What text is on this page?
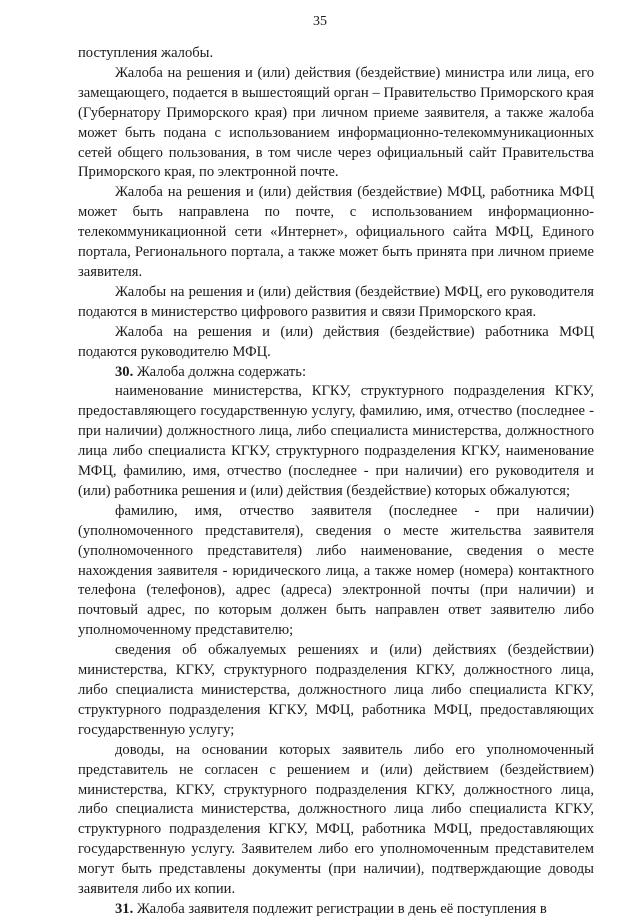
35

поступления жалобы.

Жалоба на решения и (или) действия (бездействие) министра или лица, его замещающего, подается в вышестоящий орган – Правительство Приморского края (Губернатору Приморского края) при личном приеме заявителя, а также жалоба может быть подана с использованием информационно-телекоммуникационных сетей общего пользования, в том числе через официальный сайт Правительства Приморского края, по электронной почте.

Жалоба на решения и (или) действия (бездействие) МФЦ, работника МФЦ может быть направлена по почте, с использованием информационно-телекоммуникационной сети «Интернет», официального сайта МФЦ, Единого портала, Регионального портала, а также может быть принята при личном приеме заявителя.

Жалобы на решения и (или) действия (бездействие) МФЦ, его руководителя подаются в министерство цифрового развития и связи Приморского края.

Жалоба на решения и (или) действия (бездействие) работника МФЦ подаются руководителю МФЦ.

30. Жалоба должна содержать:

наименование министерства, КГКУ, структурного подразделения КГКУ, предоставляющего государственную услугу, фамилию, имя, отчество (последнее - при наличии) должностного лица, либо специалиста министерства, должностного лица либо специалиста КГКУ, структурного подразделения КГКУ, наименование МФЦ, фамилию, имя, отчество (последнее - при наличии) его руководителя и (или) работника решения и (или) действия (бездействие) которых обжалуются;

фамилию, имя, отчество заявителя (последнее - при наличии) (уполномоченного представителя), сведения о месте жительства заявителя (уполномоченного представителя) либо наименование, сведения о месте нахождения заявителя - юридического лица, а также номер (номера) контактного телефона (телефонов), адрес (адреса) электронной почты (при наличии) и почтовый адрес, по которым должен быть направлен ответ заявителю либо уполномоченному представителю;

сведения об обжалуемых решениях и (или) действиях (бездействии) министерства, КГКУ, структурного подразделения КГКУ, должностного лица, либо специалиста министерства, должностного лица либо специалиста КГКУ, структурного подразделения КГКУ, МФЦ, работника МФЦ, предоставляющих государственную услугу;

доводы, на основании которых заявитель либо его уполномоченный представитель не согласен с решением и (или) действием (бездействием) министерства, КГКУ, структурного подразделения КГКУ, должностного лица, либо специалиста министерства, должностного лица либо специалиста КГКУ, структурного подразделения КГКУ, МФЦ, работника МФЦ, предоставляющих государственную услугу. Заявителем либо его уполномоченным представителем могут быть представлены документы (при наличии), подтверждающие доводы заявителя либо их копии.

31. Жалоба заявителя подлежит регистрации в день её поступления в
